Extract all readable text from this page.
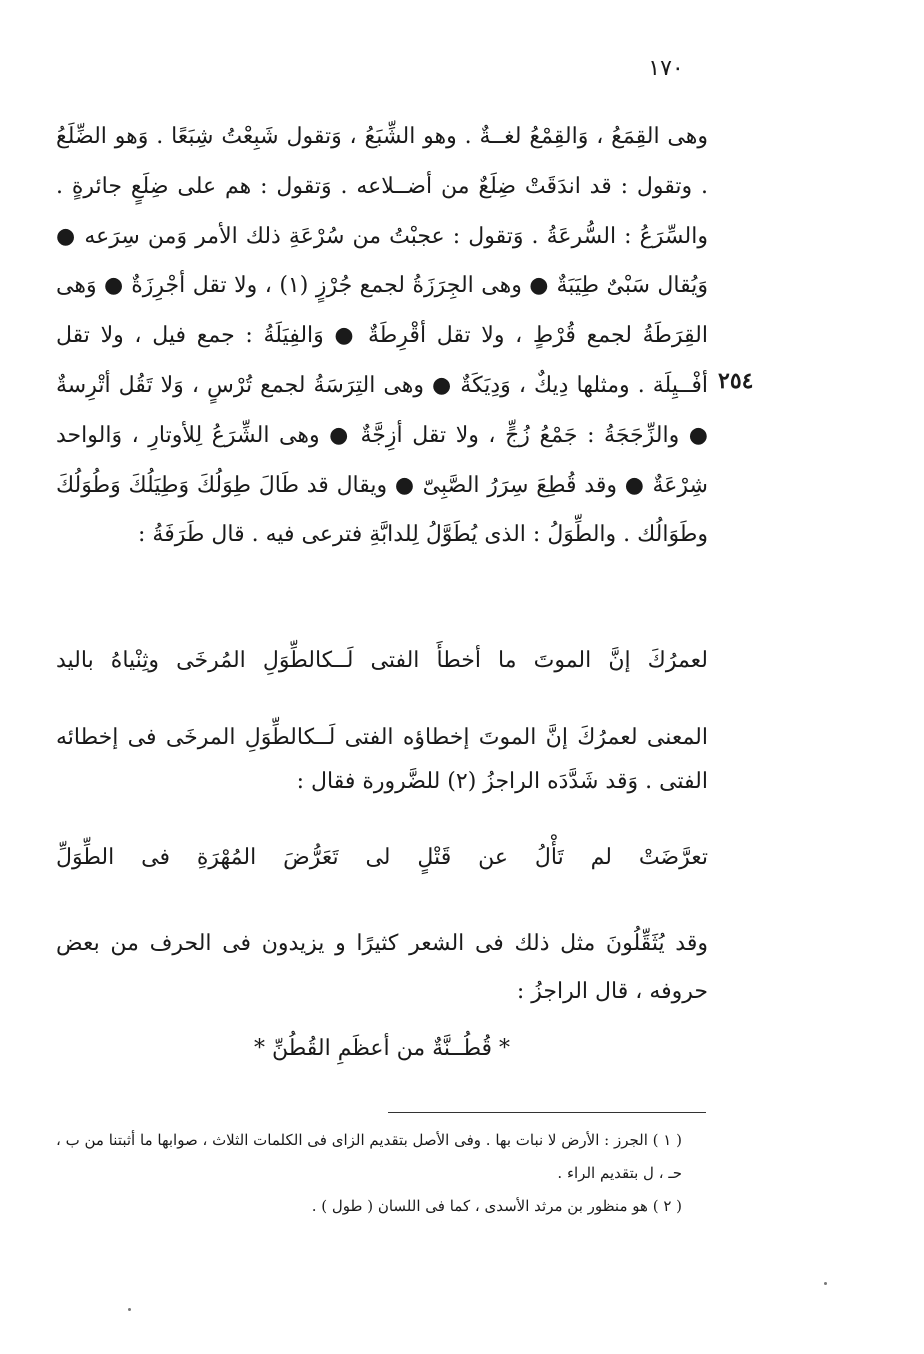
١٧٠
٢٥٤

وهى القِمَعُ ، وَالقِمْعُ لغــةٌ . وهو الشِّبَعُ ، وَتقول شَبِعْتُ شِبَعًا . وَهو الضِّلَعُ . وتقول : قد اندَقَتْ ضِلَعٌ من أضــلاعه . وَتقول : هم على ضِلَعٍ جائرةٍ . والسِّرَعُ : السُّرعَةُ . وَتقول : عجبْتُ من سُرْعَةِ ذلك الأمر وَمن سِرَعه ● وَيُقال سَبْىٌ طِيَبَةٌ ● وهى الجِرَزَةُ لجمع جُرْزٍ (١) ، ولا تقل أجْرِزَةٌ ● وَهى القِرَطَةُ لجمع قُرْطٍ ، ولا تقل أقْرِطَةٌ ● وَالفِيَلَةُ : جمع فيل ، ولا تقل أفْــيِلَة . ومثلها دِيكٌ ، وَدِيَكَةٌ ● وهى التِرَسَةُ لجمع تُرْسٍ ، وَلا تَقُل أتْرِسةٌ ● والزِّجَجَةُ : جَمْعُ زُجٍّ ، ولا تقل أزِجَّةٌ ● وهى الشِّرَعُ لِلأوتارِ ، وَالواحد شِرْعَةٌ ● وقد قُطِعَ سِرَرُ الصَّبِىّ ● ويقال قد طَالَ طِوَلُكَ وَطِيَلُكَ وَطُوَلُكَ وطَوَالُك . والطِّوَلُ : الذى يُطَوَّلُ لِلدابَّةِ فترعى فيه . قال طَرَفَةُ :

لعمرُكَ إنَّ الموتَ ما أخطأَ الفتى لَــكالطِّوَلِ المُرخَى وثِنْياهُ باليد

المعنى لعمرُكَ إنَّ الموتَ إخطاؤه الفتى لَــكالطِّوَلِ المرخَى فى إخطائه الفتى . وَقد شَدَّدَه الراجزُ (٢) للضَّرورة فقال :

تعرَّضَتْ لم تَأْلُ عن قَتْلٍ لى تَعَرُّضَ المُهْرَةِ فى الطِّوَلِّ

وقد يُثَقِّلُونَ مثل ذلك فى الشعر كثيرًا و يزيدون فى الحرف من بعض حروفه ، قال الراجزُ :

* قُطُــنَّةٌ من أعظَمِ القُطُنِّ *

( ١ ) الجرز : الأرض لا نبات بها . وفى الأصل بتقديم الزاى فى الكلمات الثلاث ، صوابها ما أثبتنا من ب ، حـ ، ل بتقديم الراء .

( ٢ ) هو منظور بن مرثد الأسدى ، كما فى اللسان ( طول ) .
